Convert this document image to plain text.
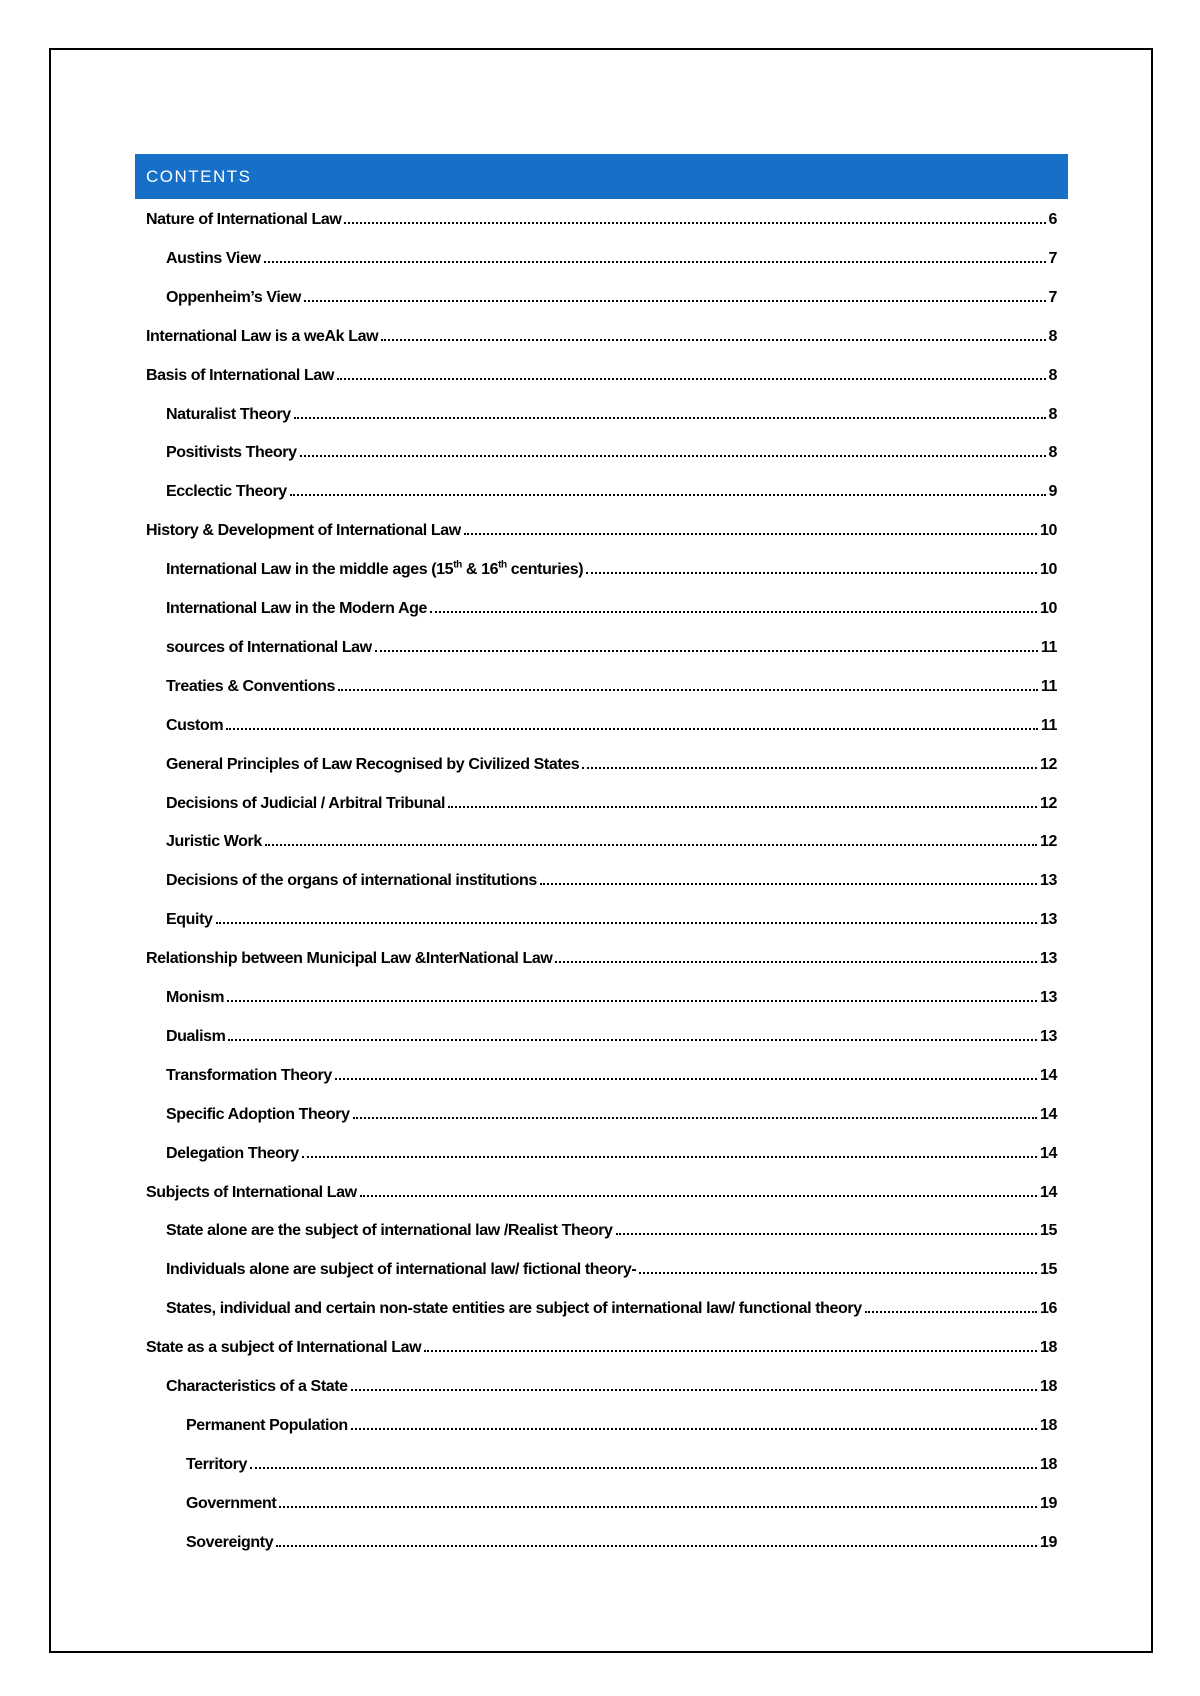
CONTENTS
Nature of International Law	6
Austins View	7
Oppenheim’s View	7
International Law is a weAk Law	8
Basis of International Law	8
Naturalist Theory	8
Positivists Theory	8
Ecclectic Theory	9
History & Development of International Law	10
International Law in the middle ages (15th & 16th centuries)	10
International Law in the Modern Age	10
sources of International Law	11
Treaties & Conventions	11
Custom	11
General Principles of Law Recognised by Civilized States	12
Decisions of Judicial / Arbitral Tribunal	12
Juristic Work	12
Decisions of the organs of international institutions	13
Equity	13
Relationship between Municipal Law &InterNational Law	13
Monism	13
Dualism	13
Transformation Theory	14
Specific Adoption Theory	14
Delegation Theory	14
Subjects of International Law	14
State alone are the subject of international law /Realist Theory	15
Individuals alone are subject of international law/ fictional theory-	15
States, individual and certain non-state entities are subject of international law/ functional theory	16
State as a subject of International Law	18
Characteristics of a State	18
Permanent Population	18
Territory	18
Government	19
Sovereignty	19
